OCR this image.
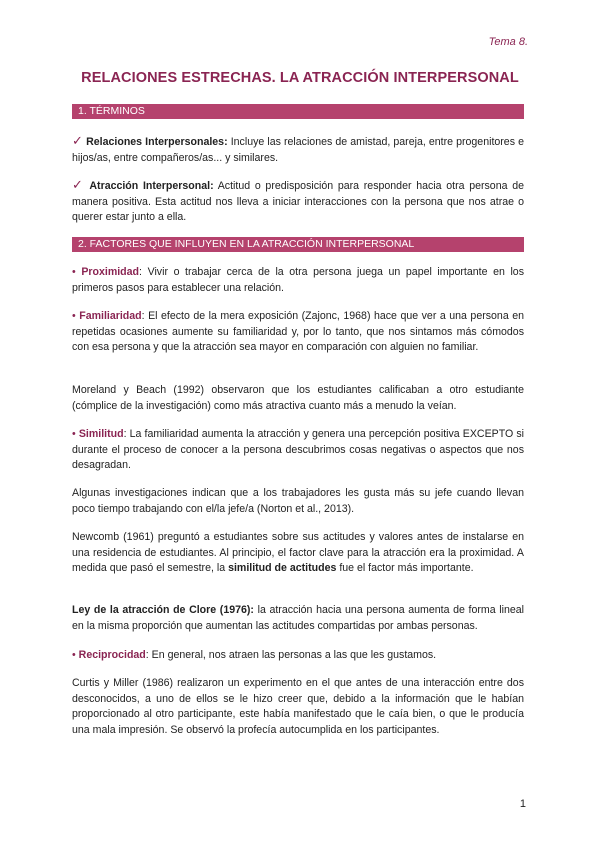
Tema 8.
RELACIONES ESTRECHAS. LA ATRACCIÓN INTERPERSONAL
1. TÉRMINOS

✓ Relaciones Interpersonales: Incluye las relaciones de amistad, pareja, entre progenitores e hijos/as, entre compañeros/as... y similares.

✓ Atracción Interpersonal: Actitud o predisposición para responder hacia otra persona de manera positiva. Esta actitud nos lleva a iniciar interacciones con la persona que nos atrae o querer estar junto a ella.

2. FACTORES QUE INFLUYEN EN LA ATRACCIÓN INTERPERSONAL

• Proximidad: Vivir o trabajar cerca de la otra persona juega un papel importante en los primeros pasos para establecer una relación.

• Familiaridad: El efecto de la mera exposición (Zajonc, 1968) hace que ver a una persona en repetidas ocasiones aumente su familiaridad y, por lo tanto, que nos sintamos más cómodos con esa persona y que la atracción sea mayor en comparación con alguien no familiar.

Moreland y Beach (1992) observaron que los estudiantes calificaban a otro estudiante (cómplice de la investigación) como más atractiva cuanto más a menudo la veían.

• Similitud: La familiaridad aumenta la atracción y genera una percepción positiva EXCEPTO si durante el proceso de conocer a la persona descubrimos cosas negativas o aspectos que nos desagradan.

Algunas investigaciones indican que a los trabajadores les gusta más su jefe cuando llevan poco tiempo trabajando con el/la jefe/a (Norton et al., 2013).

Newcomb (1961) preguntó a estudiantes sobre sus actitudes y valores antes de instalarse en una residencia de estudiantes. Al principio, el factor clave para la atracción era la proximidad. A medida que pasó el semestre, la similitud de actitudes fue el factor más importante.

Ley de la atracción de Clore (1976): la atracción hacia una persona aumenta de forma lineal en la misma proporción que aumentan las actitudes compartidas por ambas personas.

• Reciprocidad: En general, nos atraen las personas a las que les gustamos.

Curtis y Miller (1986) realizaron un experimento en el que antes de una interacción entre dos desconocidos, a uno de ellos se le hizo creer que, debido a la información que le habían proporcionado al otro participante, este había manifestado que le caía bien, o que le producía una mala impresión. Se observó la profecía autocumplida en los participantes.

1
